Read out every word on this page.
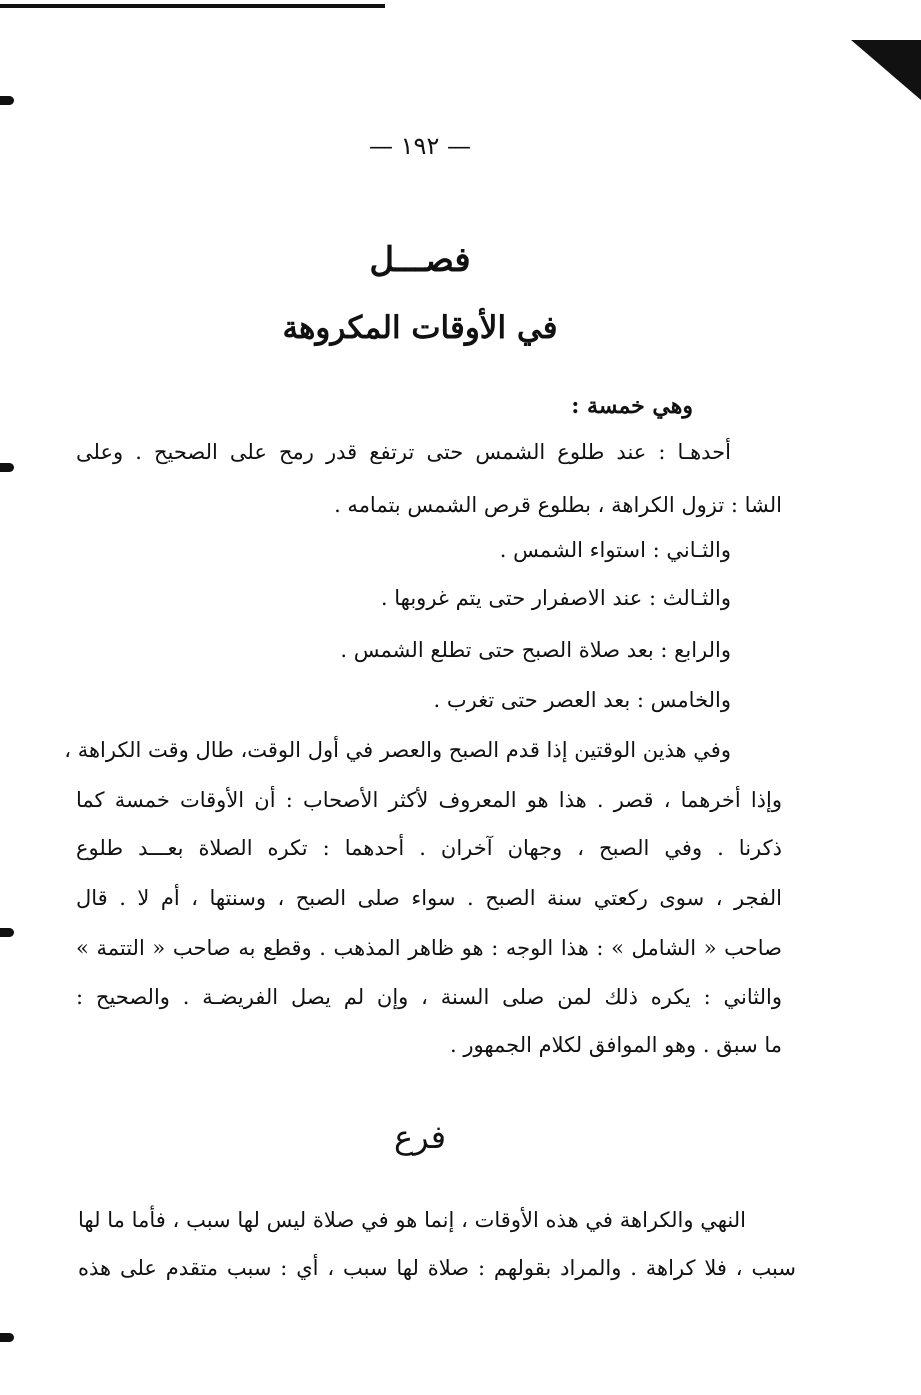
— ١٩٢ —
فصـــل
في الأوقات المكروهة
وهي خمسة :
أحدهـا : عند طلوع الشمس حتى ترتفع قدر رمح على الصحيح . وعلى
الشا : تزول الكراهة ، بطلوع قرص الشمس بتمامه .
والثـاني : استواء الشمس .
والثـالث : عند الاصفرار حتى يتم غروبها .
والرابع : بعد صلاة الصبح حتى تطلع الشمس .
والخامس : بعد العصر حتى تغرب .
وفي هذين الوقتين إذا قدم الصبح والعصر في أول الوقت، طال وقت الكراهة ،
وإذا أخرهما ، قصر . هذا هو المعروف لأكثر الأصحاب : أن الأوقات خمسة كما
ذكرنا . وفي الصبح ، وجهان آخران . أحدهما : تكره الصلاة بعـــد طلوع
الفجر ، سوى ركعتي سنة الصبح . سواء صلى الصبح ، وسنتها ، أم لا . قال
صاحب « الشامل » : هذا الوجه : هو ظاهر المذهب . وقطع به صاحب « التتمة »
والثاني : يكره ذلك لمن صلى السنة ، وإن لم يصل الفريضـة . والصحيح :
ما سبق . وهو الموافق لكلام الجمهور .
فرع
النهي والكراهة في هذه الأوقات ، إنما هو في صلاة ليس لها سبب ، فأما ما لها
سبب ، فلا كراهة . والمراد بقولهم : صلاة لها سبب ، أي : سبب متقدم على هذه
